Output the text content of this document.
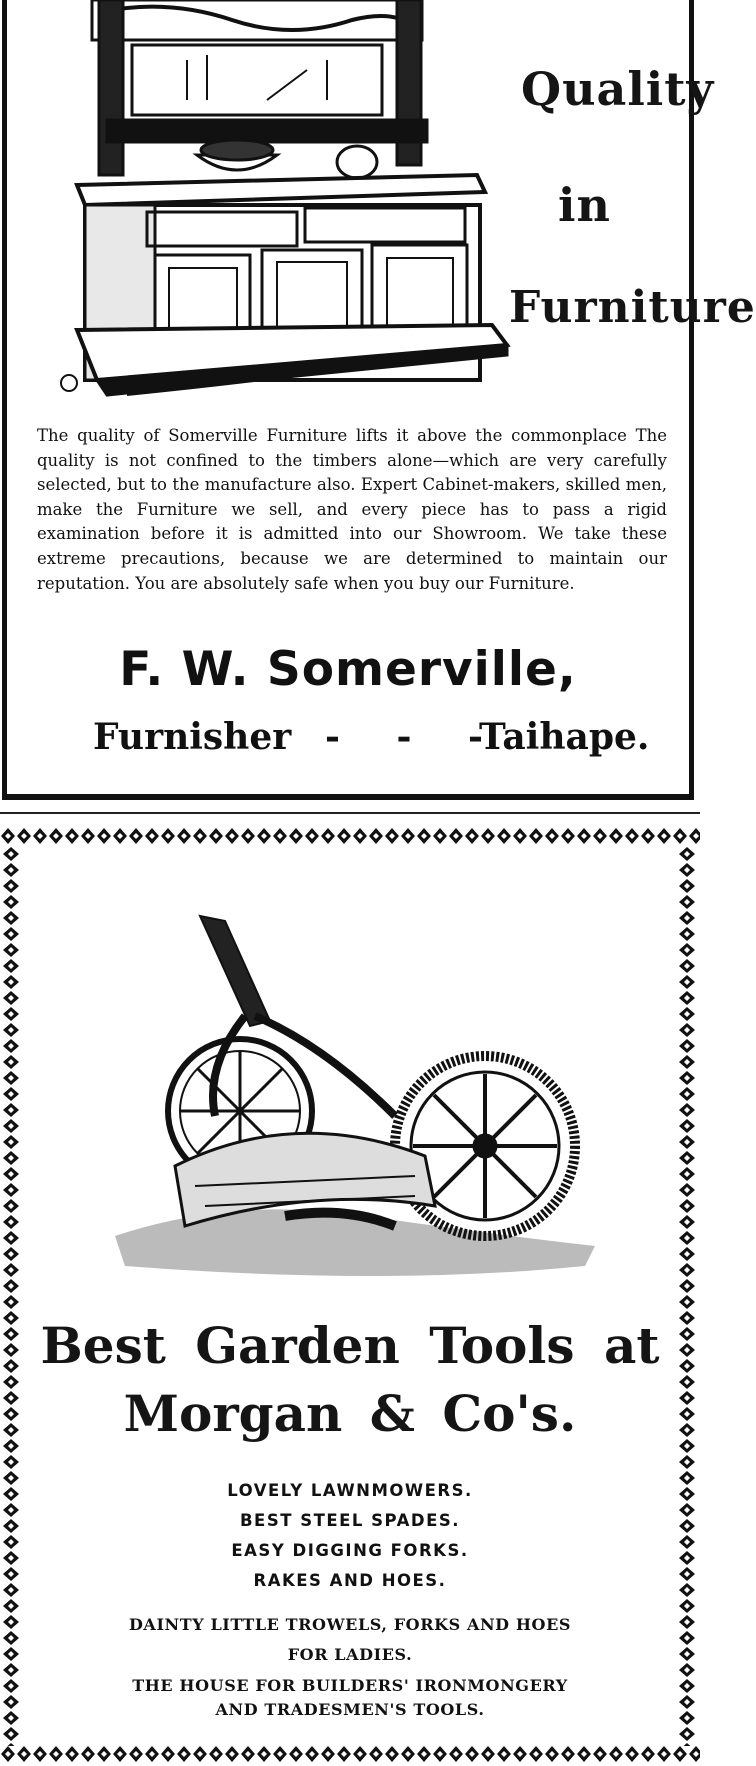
Quality
in
Furniture
The quality of Somerville Furniture lifts it above the commonplace The quality is not confined to the timbers alone—which are very carefully selected, but to the manufacture also. Expert Cabinet-makers, skilled men, make the Furniture we sell, and every piece has to pass a rigid examination before it is admitted into our Showroom. We take these extreme precautions, because we are determined to maintain our reputation. You are absolutely safe when you buy our Furniture.
F. W. Somerville,
Furnisher - - -
Taihape.
Best Garden Tools at
Morgan & Co's.
LOVELY LAWNMOWERS.
BEST STEEL SPADES.
EASY DIGGING FORKS.
RAKES AND HOES.
DAINTY LITTLE TROWELS, FORKS AND HOES
FOR LADIES.
THE HOUSE FOR BUILDERS' IRONMONGERY
AND TRADESMEN'S TOOLS.
